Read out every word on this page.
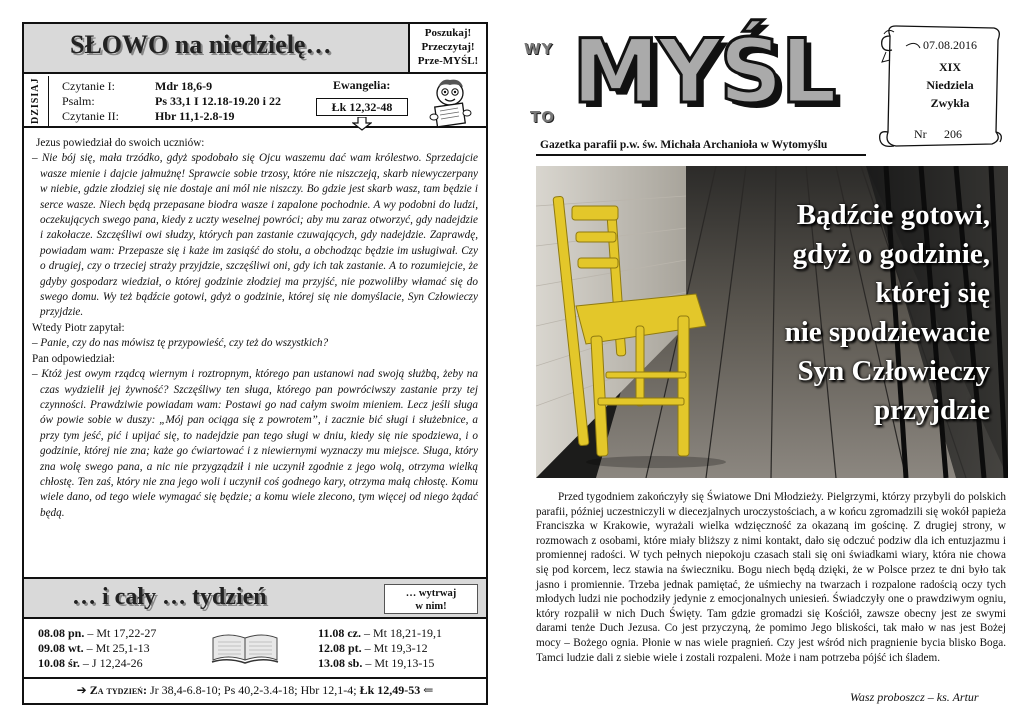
SŁOWO na niedzielę…	Poszukaj!
Przeczytaj!
Prze-MYŚL!
DZISIAJ	Czytanie I:	Mdr 18,6-9
Psalm:	Ps 33,1 I 12.18-19.20 i 22
Czytanie II:	Hbr 11,1-2.8-19
Ewangelia:
Łk 12,32-48

Jezus powiedział do swoich uczniów:

– Nie bój się, mała trzódko, gdyż spodobało się Ojcu waszemu dać wam królestwo. Sprzedajcie wasze mienie i dajcie jałmużnę! Sprawcie sobie trzosy, które nie niszczeją, skarb niewyczerpany w niebie, gdzie złodziej się nie dostaje ani mól nie niszczy. Bo gdzie jest skarb wasz, tam będzie i serce wasze. Niech będą przepasane biodra wasze i zapalone pochodnie. A wy podobni do ludzi, oczekujących swego pana, kiedy z uczty weselnej powróci; aby mu zaraz otworzyć, gdy nadejdzie i zakołacze. Szczęśliwi owi słudzy, których pan zastanie czuwających, gdy nadejdzie. Zaprawdę, powiadam wam: Przepasze się i każe im zasiąść do stołu, a obchodząc będzie im usługiwał. Czy o drugiej, czy o trzeciej straży przyjdzie, szczęśliwi oni, gdy ich tak zastanie. A to rozumiejcie, że gdyby gospodarz wiedział, o której godzinie złodziej ma przyjść, nie pozwoliłby włamać się do swego domu. Wy też bądźcie gotowi, gdyż o godzinie, której się nie domyślacie, Syn Człowieczy przyjdzie.

Wtedy Piotr zapytał:

– Panie, czy do nas mówisz tę przypowieść, czy też do wszystkich?

Pan odpowiedział:

– Któż jest owym rządcą wiernym i roztropnym, którego pan ustanowi nad swoją służbą, żeby na czas wydzielił jej żywność? Szczęśliwy ten sługa, którego pan powróciwszy zastanie przy tej czynności. Prawdziwie powiadam wam: Postawi go nad całym swoim mieniem. Lecz jeśli sługa ów powie sobie w duszy: „Mój pan ociąga się z powrotem”, i zacznie bić sługi i służebnice, a przy tym jeść, pić i upijać się, to nadejdzie pan tego sługi w dniu, kiedy się nie spodziewa, i o godzinie, której nie zna; każe go ćwiartować i z niewiernymi wyznaczy mu miejsce. Sługa, który zna wolę swego pana, a nic nie przygządził i nie uczynił zgodnie z jego wolą, otrzyma wielką chłostę. Ten zaś, który nie zna jego woli i uczynił coś godnego kary, otrzyma małą chłostę. Komu wiele dano, od tego wiele wymagać się będzie; a komu wiele zlecono, tym więcej od niego żądać będą.

… i cały … tydzień	… wytrwaj
w nim!
08.08 pn. – Mt 17,22-27
09.08 wt. – Mt 25,1-13
10.08 śr. – J 12,24-26
11.08 cz. – Mt 18,21-19,1
12.08 pt. – Mt 19,3-12
13.08 sb. – Mt 19,13-15
➔ Za tydzień: Jr 38,4-6.8-10; Ps 40,2-3.4-18; Hbr 12,1-4; Łk 12,49-53 ⇐
WY
TO MYŚL
Gazetka parafii p.w. św. Michała Archanioła w Wytomyślu
07.08.2016
XIX
Niedziela
Zwykła
Nr 206
Bądźcie gotowi,
gdyż o godzinie,
której się
nie spodziewacie
Syn Człowieczy
przyjdzie
Przed tygodniem zakończyły się Światowe Dni Młodzieży. Pielgrzymi, którzy przybyli do polskich parafii, później uczestniczyli w diecezjalnych uroczystościach, a w końcu zgromadzili się wokół papieża Franciszka w Krakowie, wyrażali wielka wdzięczność za okazaną im gościnę. Z drugiej strony, w rozmowach z osobami, które miały bliższy z nimi kontakt, dało się odczuć podziw dla ich entuzjazmu i promiennej radości. W tych pełnych niepokoju czasach stali się oni świadkami wiary, która nie chowa się pod korcem, lecz stawia na świeczniku. Bogu niech będą dzięki, że w Polsce przez te dni było tak jasno i promiennie. Trzeba jednak pamiętać, że uśmiechy na twarzach i rozpalone radością oczy tych młodych ludzi nie pochodziły jedynie z emocjonalnych uniesień. Świadczyły one o prawdziwym ogniu, który rozpalił w nich Duch Święty. Tam gdzie gromadzi się Kościół, zawsze obecny jest ze swymi darami tenże Duch Jezusa. Co jest przyczyną, że pomimo Jego bliskości, tak mało w nas jest Bożej mocy – Bożego ognia. Płonie w nas wiele pragnień. Czy jest wśród nich pragnienie bycia blisko Boga. Tamci ludzie dali z siebie wiele i zostali rozpaleni. Może i nam potrzeba pójść ich śladem.
Wasz proboszcz – ks. Artur
